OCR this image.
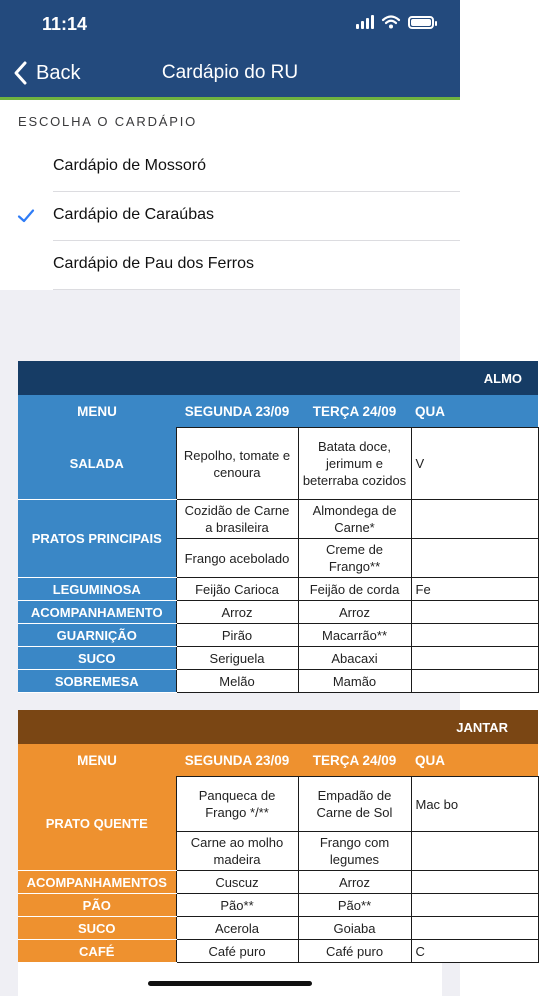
11:14
Back	Cardápio do RU
ESCOLHA O CARDÁPIO
Cardápio de Mossoró
Cardápio de Caraúbas
Cardápio de Pau dos Ferros
ALMO			
MENU	SEGUNDA 23/09	TERÇA 24/09	QUA
SALADA	Repolho, tomate e cenoura	Batata doce, jerimum e beterraba cozidos	V
PRATOS PRINCIPAIS	Cozidão de Carne a brasileira	Almondega de Carne*	
	Frango acebolado	Creme de Frango**	
LEGUMINOSA	Feijão Carioca	Feijão de corda	Fe
ACOMPANHAMENTO	Arroz	Arroz	
GUARNIÇÃO	Pirão	Macarrão**	
SUCO	Seriguela	Abacaxi	
SOBREMESA	Melão	Mamão	
JANTAR			
MENU	SEGUNDA 23/09	TERÇA 24/09	QUA
PRATO QUENTE	Panqueca de Frango */**	Empadão de Carne de Sol	Mac bo
	Carne ao molho madeira	Frango com legumes	
ACOMPANHAMENTOS	Cuscuz	Arroz	
PÃO	Pão**	Pão**	
SUCO	Acerola	Goiaba	
CAFÉ	Café puro	Café puro	C
